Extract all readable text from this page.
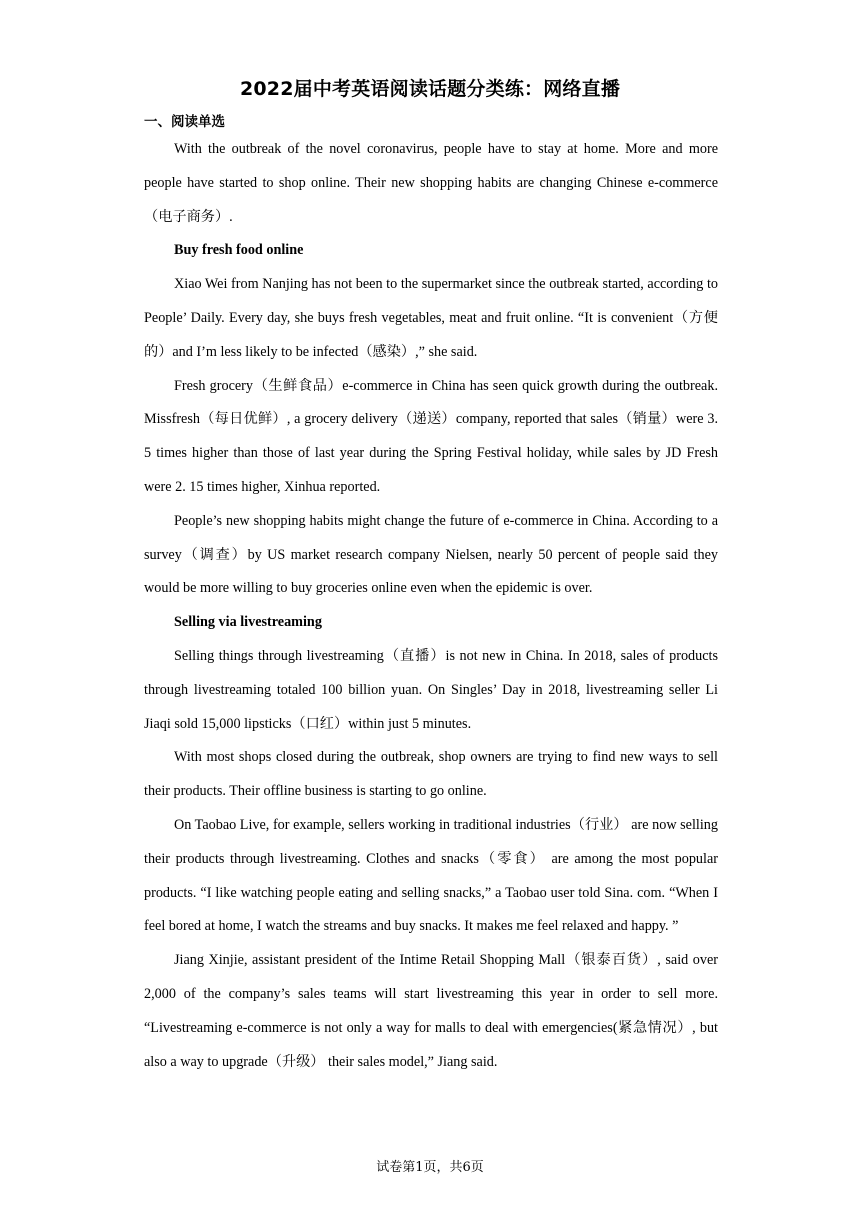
2022届中考英语阅读话题分类练：网络直播
一、阅读单选

With the outbreak of the novel coronavirus, people have to stay at home. More and more people have started to shop online. Their new shopping habits are changing Chinese e-commerce（电子商务）.

Buy fresh food online

Xiao Wei from Nanjing has not been to the supermarket since the outbreak started, according to People’ Daily. Every day, she buys fresh vegetables, meat and fruit online. “It is convenient（方便的）and I’m less likely to be infected（感染）,” she said.

Fresh grocery（生鲜食品）e-commerce in China has seen quick growth during the outbreak. Missfresh（每日优鲜）, a grocery delivery（递送）company, reported that sales（销量）were 3. 5 times higher than those of last year during the Spring Festival holiday, while sales by JD Fresh were 2. 15 times higher, Xinhua reported.

People’s new shopping habits might change the future of e-commerce in China. According to a survey（调查）by US market research company Nielsen, nearly 50 percent of people said they would be more willing to buy groceries online even when the epidemic is over.

Selling via livestreaming

Selling things through livestreaming（直播）is not new in China. In 2018, sales of products through livestreaming totaled 100 billion yuan. On Singles’ Day in 2018, livestreaming seller Li Jiaqi sold 15,000 lipsticks（口红）within just 5 minutes.

With most shops closed during the outbreak, shop owners are trying to find new ways to sell their products. Their offline business is starting to go online.

On Taobao Live, for example, sellers working in traditional industries（行业） are now selling their products through livestreaming. Clothes and snacks（零食） are among the most popular products. “I like watching people eating and selling snacks,” a Taobao user told Sina. com. “When I feel bored at home, I watch the streams and buy snacks. It makes me feel relaxed and happy. ”

Jiang Xinjie, assistant president of the Intime Retail Shopping Mall（银泰百货）, said over 2,000 of the company’s sales teams will start livestreaming this year in order to sell more. “Livestreaming e-commerce is not only a way for malls to deal with emergencies(紧急情况）, but also a way to upgrade（升级） their sales model,” Jiang said.

试卷第1页，共6页
